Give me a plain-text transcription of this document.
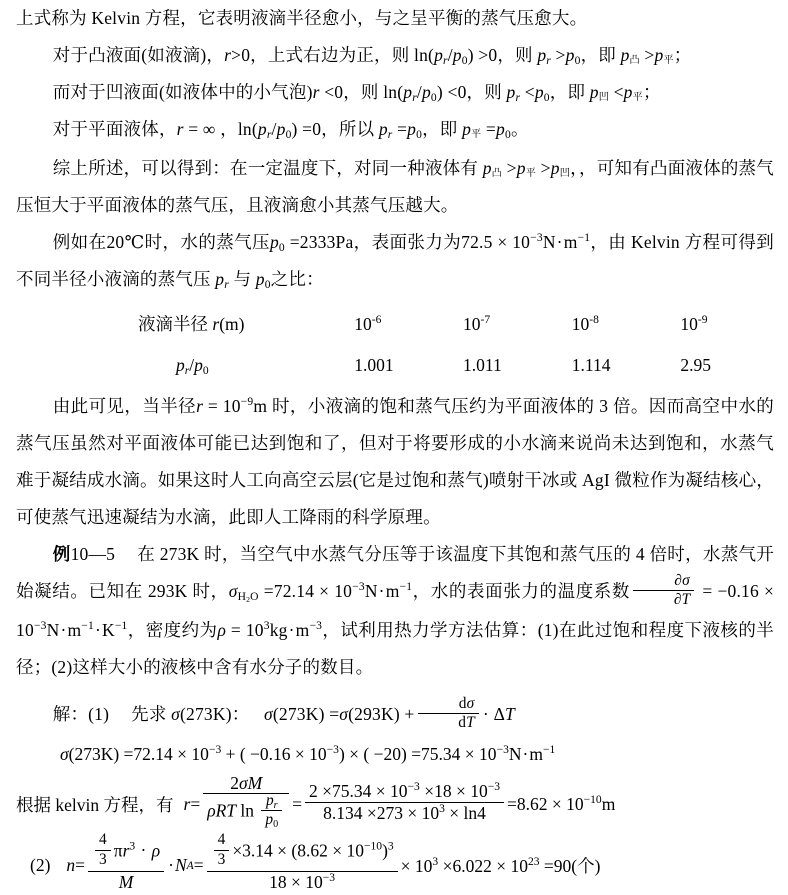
上式称为 Kelvin 方程，它表明液滴半径愈小，与之呈平衡的蒸气压愈大。

对于凸液面(如液滴)，r>0，上式右边为正，则 ln(pr/p0) >0，则 pr >p0，即 p凸 >p平；

而对于凹液面(如液体中的小气泡)r <0，则 ln(pr/p0) <0，则 pr <p0，即 p凹 <p平；

对于平面液体，r = ∞ ，ln(pr/p0) =0，所以 pr =p0，即 p平 =p0。

综上所述，可以得到：在一定温度下，对同一种液体有 p凸 >p平 >p凹，，可知有凸面液体的蒸气压恒大于平面液体的蒸气压，且液滴愈小其蒸气压越大。

例如在20℃时，水的蒸气压p0 =2333Pa，表面张力为$72.5 \times 10^{-3}N\cdot m^{-1}$，由 Kelvin 方程可得到不同半径小液滴的蒸气压 pr 与 p0之比：

液滴半径 r(m)	$10^{-6}$	$10^{-7}$	$10^{-8}$	$10^{-9}$
pr/p0	1.001	1.011	1.114	2.95

由此可见，当半径$r = 10^{-9}m$ 时，小液滴的饱和蒸气压约为平面液体的 3 倍。因而高空中水的蒸气压虽然对平面液体可能已达到饱和了，但对于将要形成的小水滴来说尚未达到饱和，水蒸气难于凝结成水滴。如果这时人工向高空云层(它是过饱和蒸气)喷射干冰或 AgI 微粒作为凝结核心，可使蒸气迅速凝结为水滴，此即人工降雨的科学原理。

例10—5 在 273K 时，当空气中水蒸气分压等于该温度下其饱和蒸气压的 4 倍时，水蒸气开始凝结。已知在 293K 时，$\sigma H2O =72.14 \times 10^{-3}N\cdot m^{-1}$，水的表面张力的温度系数 $\frac{\partial\sigma}{\partial T} = -0.16 \times 10^{-3}N\cdot m^{-1}\cdot K^{-1}$，密度约为$\rho = 10^3kg\cdot m^{-3}$，试利用热力学方法估算：(1)在此过饱和程度下液核的半径；(2)这样大小的液核中含有水分子的数目。

解：(1) 先求 σ(273K)： $\sigma(273K) =\sigma(293K) + \frac{d\sigma}{dT} \cdot \Delta T$

$\sigma(273K) =72.14 \times 10^{-3}$ + ( $-0.16 \times 10^{-3}$) × ( $-20) =75.34 \times 10^{-3}N\cdot m^{-1}$

根据 kelvin 方程，有 $r = \frac{2\sigma M}{\rho RT \ln \frac{pr}{p0}} = \frac{2 \times 75.34 \times 10^{-3} \times 18 \times 10^{-3}}{8.134 \times 273 \times 10^3 \times \ln 4} =8.62 \times 10^{-10}m$
(2) $n = \frac{\frac{4}{3} \pi r^3 \cdot \rho}{M} \cdot N$ $A = \frac{\frac{4}{3} \times 3.14 \times (8.62 \times 10^{-10})^3}{18 \times 10^{-3}} \times 10^3 \times 6.022 \times 10^{23} =90$(个)
